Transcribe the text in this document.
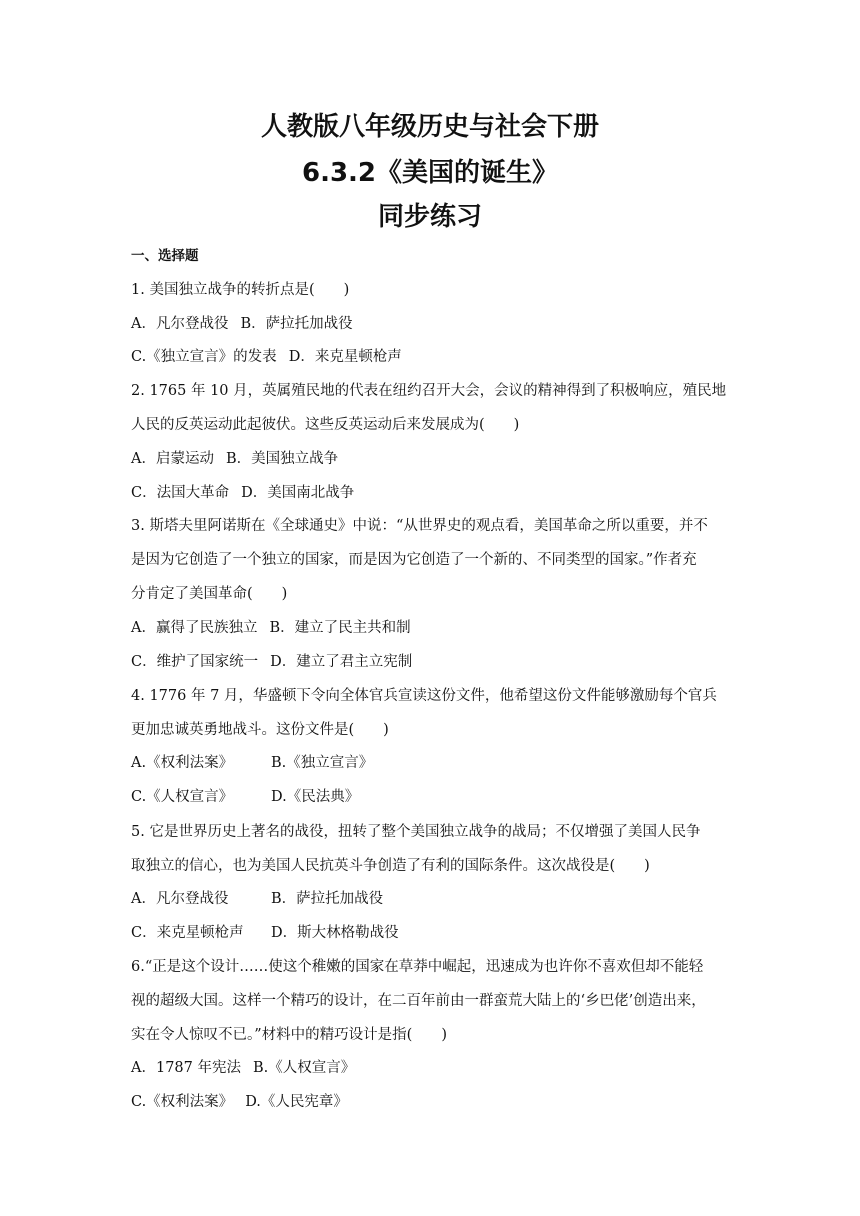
人教版八年级历史与社会下册
6.3.2《美国的诞生》
同步练习
一、选择题
1. 美国独立战争的转折点是(　　)
A．凡尔登战役 B．萨拉托加战役
C.《独立宣言》的发表 D．来克星顿枪声
2. 1765 年 10 月，英属殖民地的代表在纽约召开大会，会议的精神得到了积极响应，殖民地
人民的反英运动此起彼伏。这些反英运动后来发展成为(　　)
A．启蒙运动 B．美国独立战争
C．法国大革命 D．美国南北战争
3. 斯塔夫里阿诺斯在《全球通史》中说：“从世界史的观点看，美国革命之所以重要，并不
是因为它创造了一个独立的国家，而是因为它创造了一个新的、不同类型的国家。”作者充
分肯定了美国革命(　　)
A．赢得了民族独立 B．建立了民主共和制
C．维护了国家统一 D．建立了君主立宪制
4. 1776 年 7 月，华盛顿下令向全体官兵宣读这份文件，他希望这份文件能够激励每个官兵
更加忠诚英勇地战斗。这份文件是(　　)
A.《权利法案》	B.《独立宣言》
C.《人权宣言》	D.《民法典》
5. 它是世界历史上著名的战役，扭转了整个美国独立战争的战局；不仅增强了美国人民争
取独立的信心，也为美国人民抗英斗争创造了有利的国际条件。这次战役是(　　)
A．凡尔登战役	B．萨拉托加战役
C．来克星顿枪声 D．斯大林格勒战役
6.“正是这个设计……使这个稚嫩的国家在草莽中崛起，迅速成为也许你不喜欢但却不能轻
视的超级大国。这样一个精巧的设计，在二百年前由一群蛮荒大陆上的‘乡巴佬’创造出来，
实在令人惊叹不已。”材料中的精巧设计是指(　　)
A．1787 年宪法 B.《人权宣言》
C.《权利法案》 D.《人民宪章》
